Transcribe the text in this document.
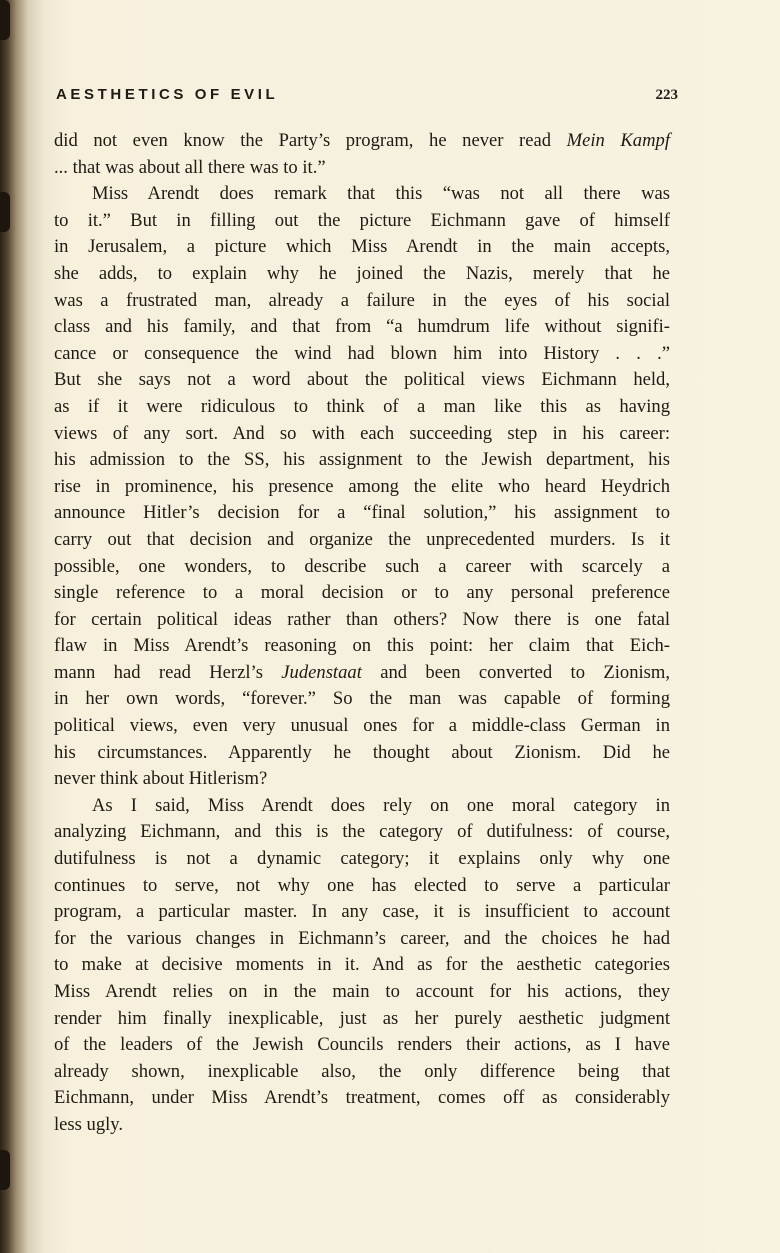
AESTHETICS OF EVIL	223
did not even know the Party’s program, he never read Mein Kampf
... that was about all there was to it.”
Miss Arendt does remark that this “was not all there was
to it.” But in filling out the picture Eichmann gave of himself
in Jerusalem, a picture which Miss Arendt in the main accepts,
she adds, to explain why he joined the Nazis, merely that he
was a frustrated man, already a failure in the eyes of his social
class and his family, and that from “a humdrum life without signifi-
cance or consequence the wind had blown him into History . . .”
But she says not a word about the political views Eichmann held,
as if it were ridiculous to think of a man like this as having
views of any sort. And so with each succeeding step in his career:
his admission to the SS, his assignment to the Jewish department, his
rise in prominence, his presence among the elite who heard Heydrich
announce Hitler’s decision for a “final solution,” his assignment to
carry out that decision and organize the unprecedented murders. Is it
possible, one wonders, to describe such a career with scarcely a
single reference to a moral decision or to any personal preference
for certain political ideas rather than others? Now there is one fatal
flaw in Miss Arendt’s reasoning on this point: her claim that Eich-
mann had read Herzl’s Judenstaat and been converted to Zionism,
in her own words, “forever.” So the man was capable of forming
political views, even very unusual ones for a middle-class German in
his circumstances. Apparently he thought about Zionism. Did he
never think about Hitlerism?
As I said, Miss Arendt does rely on one moral category in
analyzing Eichmann, and this is the category of dutifulness: of course,
dutifulness is not a dynamic category; it explains only why one
continues to serve, not why one has elected to serve a particular
program, a particular master. In any case, it is insufficient to account
for the various changes in Eichmann’s career, and the choices he had
to make at decisive moments in it. And as for the aesthetic categories
Miss Arendt relies on in the main to account for his actions, they
render him finally inexplicable, just as her purely aesthetic judgment
of the leaders of the Jewish Councils renders their actions, as I have
already shown, inexplicable also, the only difference being that
Eichmann, under Miss Arendt’s treatment, comes off as considerably
less ugly.
